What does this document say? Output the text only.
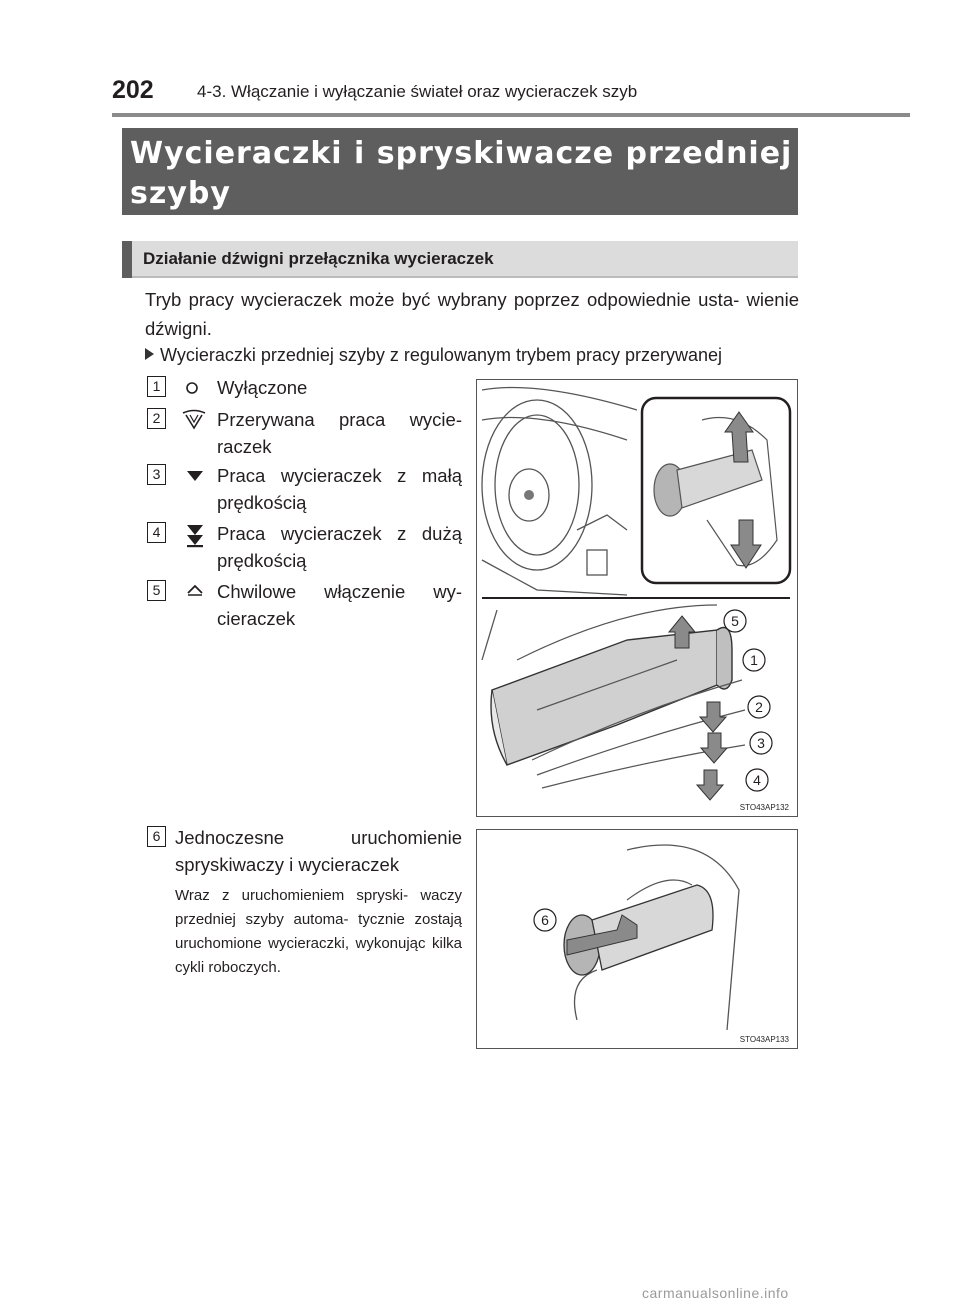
202	4-3. Włączanie i wyłączanie świateł oraz wycieraczek szyb
Wycieraczki i spryskiwacze przedniej szyby
Działanie dźwigni przełącznika wycieraczek
Tryb pracy wycieraczek może być wybrany poprzez odpowiednie usta- wienie dźwigni.
Wycieraczki przedniej szyby z regulowanym trybem pracy przerywanej
1	Wyłączone
2	Przerywana praca wycie- raczek
3	Praca wycieraczek z małą prędkością
4	Praca wycieraczek z dużą prędkością
5	Chwilowe włączenie wy- cieraczek
6 Jednoczesne uruchomienie spryskiwaczy i wycieraczek
Wraz z uruchomieniem spryski- waczy przedniej szyby automa- tycznie zostają uruchomione wycieraczki, wykonując kilka cykli roboczych.
5
1
2
3
4
STO43AP132
6
STO43AP133
carmanualsonline.info
